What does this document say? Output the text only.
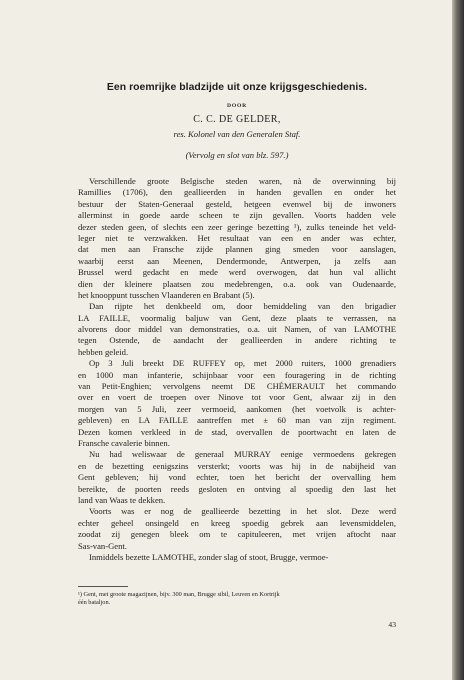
Een roemrijke bladzijde uit onze krijgsgeschiedenis.
DOOR
C. C. DE GELDER,
res. Kolonel van den Generalen Staf.
(Vervolg en slot van blz. 597.)
Verschillende groote Belgische steden waren, nà de overwinning bij
Ramillies (1706), den geallieerden in handen gevallen en onder het
bestuur der Staten-Generaal gesteld, hetgeen evenwel bij de inwoners
allerminst in goede aarde scheen te zijn gevallen. Voorts hadden vele
dezer steden geen, of slechts een zeer geringe bezetting ¹), zulks teneinde het veld-
leger niet te verzwakken. Het resultaat van een en ander was echter,
dat men aan Fransche zijde plannen ging smeden voor aanslagen,
waarbij eerst aan Meenen, Dendermonde, Antwerpen, ja zelfs aan
Brussel werd gedacht en mede werd overwogen, dat hun val allicht
dien der kleinere plaatsen zou medebrengen, o.a. ook van Oudenaarde,
het knooppunt tusschen Vlaanderen en Brabant (5).
Dan rijpte het denkbeeld om, door bemiddeling van den brigadier
LA FAILLE, voormalig baljuw van Gent, deze plaats te verrassen, na
alvorens door middel van demonstraties, o.a. uit Namen, of van LAMOTHE
tegen Ostende, de aandacht der geallieerden in andere richting te
hebben geleid.
Op 3 Juli breekt DE RUFFEY op, met 2000 ruiters, 1000 grenadiers
en 1000 man infanterie, schijnbaar voor een fouragering in de richting
van Petit-Enghien; vervolgens neemt DE CHÉMERAULT het commando
over en voert de troepen over Ninove tot voor Gent, alwaar zij in den
morgen van 5 Juli, zeer vermoeid, aankomen (het voetvolk is achter-
gebleven) en LA FAILLE aantreffen met ± 60 man van zijn regiment.
Dezen komen verkleed in de stad, overvallen de poortwacht en laten de
Fransche cavalerie binnen.
Nu had weliswaar de generaal MURRAY eenige vermoedens gekregen
en de bezetting eenigszins versterkt; voorts was hij in de nabijheid van
Gent gebleven; hij vond echter, toen het bericht der overvalling hem
bereikte, de poorten reeds gesloten en ontving al spoedig den last het
land van Waas te dekken.
Voorts was er nog de geallieerde bezetting in het slot. Deze werd
echter geheel onsingeld en kreeg spoedig gebrek aan levensmiddelen,
zoodat zij genegen bleek om te capituleeren, met vrijen aftocht naar
Sas-van-Gent.
Inmiddels bezette LAMOTHE, zonder slag of stoot, Brugge, vermoe-
¹) Gent, met groote magazijnen, bijv. 300 man, Brugge sibil, Leuven en Kortrijk
één bataljon.
43
